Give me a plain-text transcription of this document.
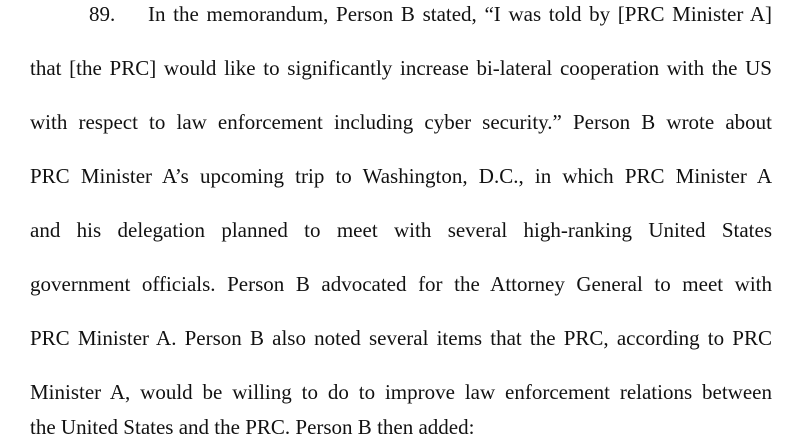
89. In the memorandum, Person B stated, “I was told by [PRC Minister A]
that [the PRC] would like to significantly increase bi-lateral cooperation with the US
with respect to law enforcement including cyber security.” Person B wrote about
PRC Minister A’s upcoming trip to Washington, D.C., in which PRC Minister A
and his delegation planned to meet with several high-ranking United States
government officials. Person B advocated for the Attorney General to meet with
PRC Minister A. Person B also noted several items that the PRC, according to PRC
Minister A, would be willing to do to improve law enforcement relations between
the United States and the PRC. Person B then added:
